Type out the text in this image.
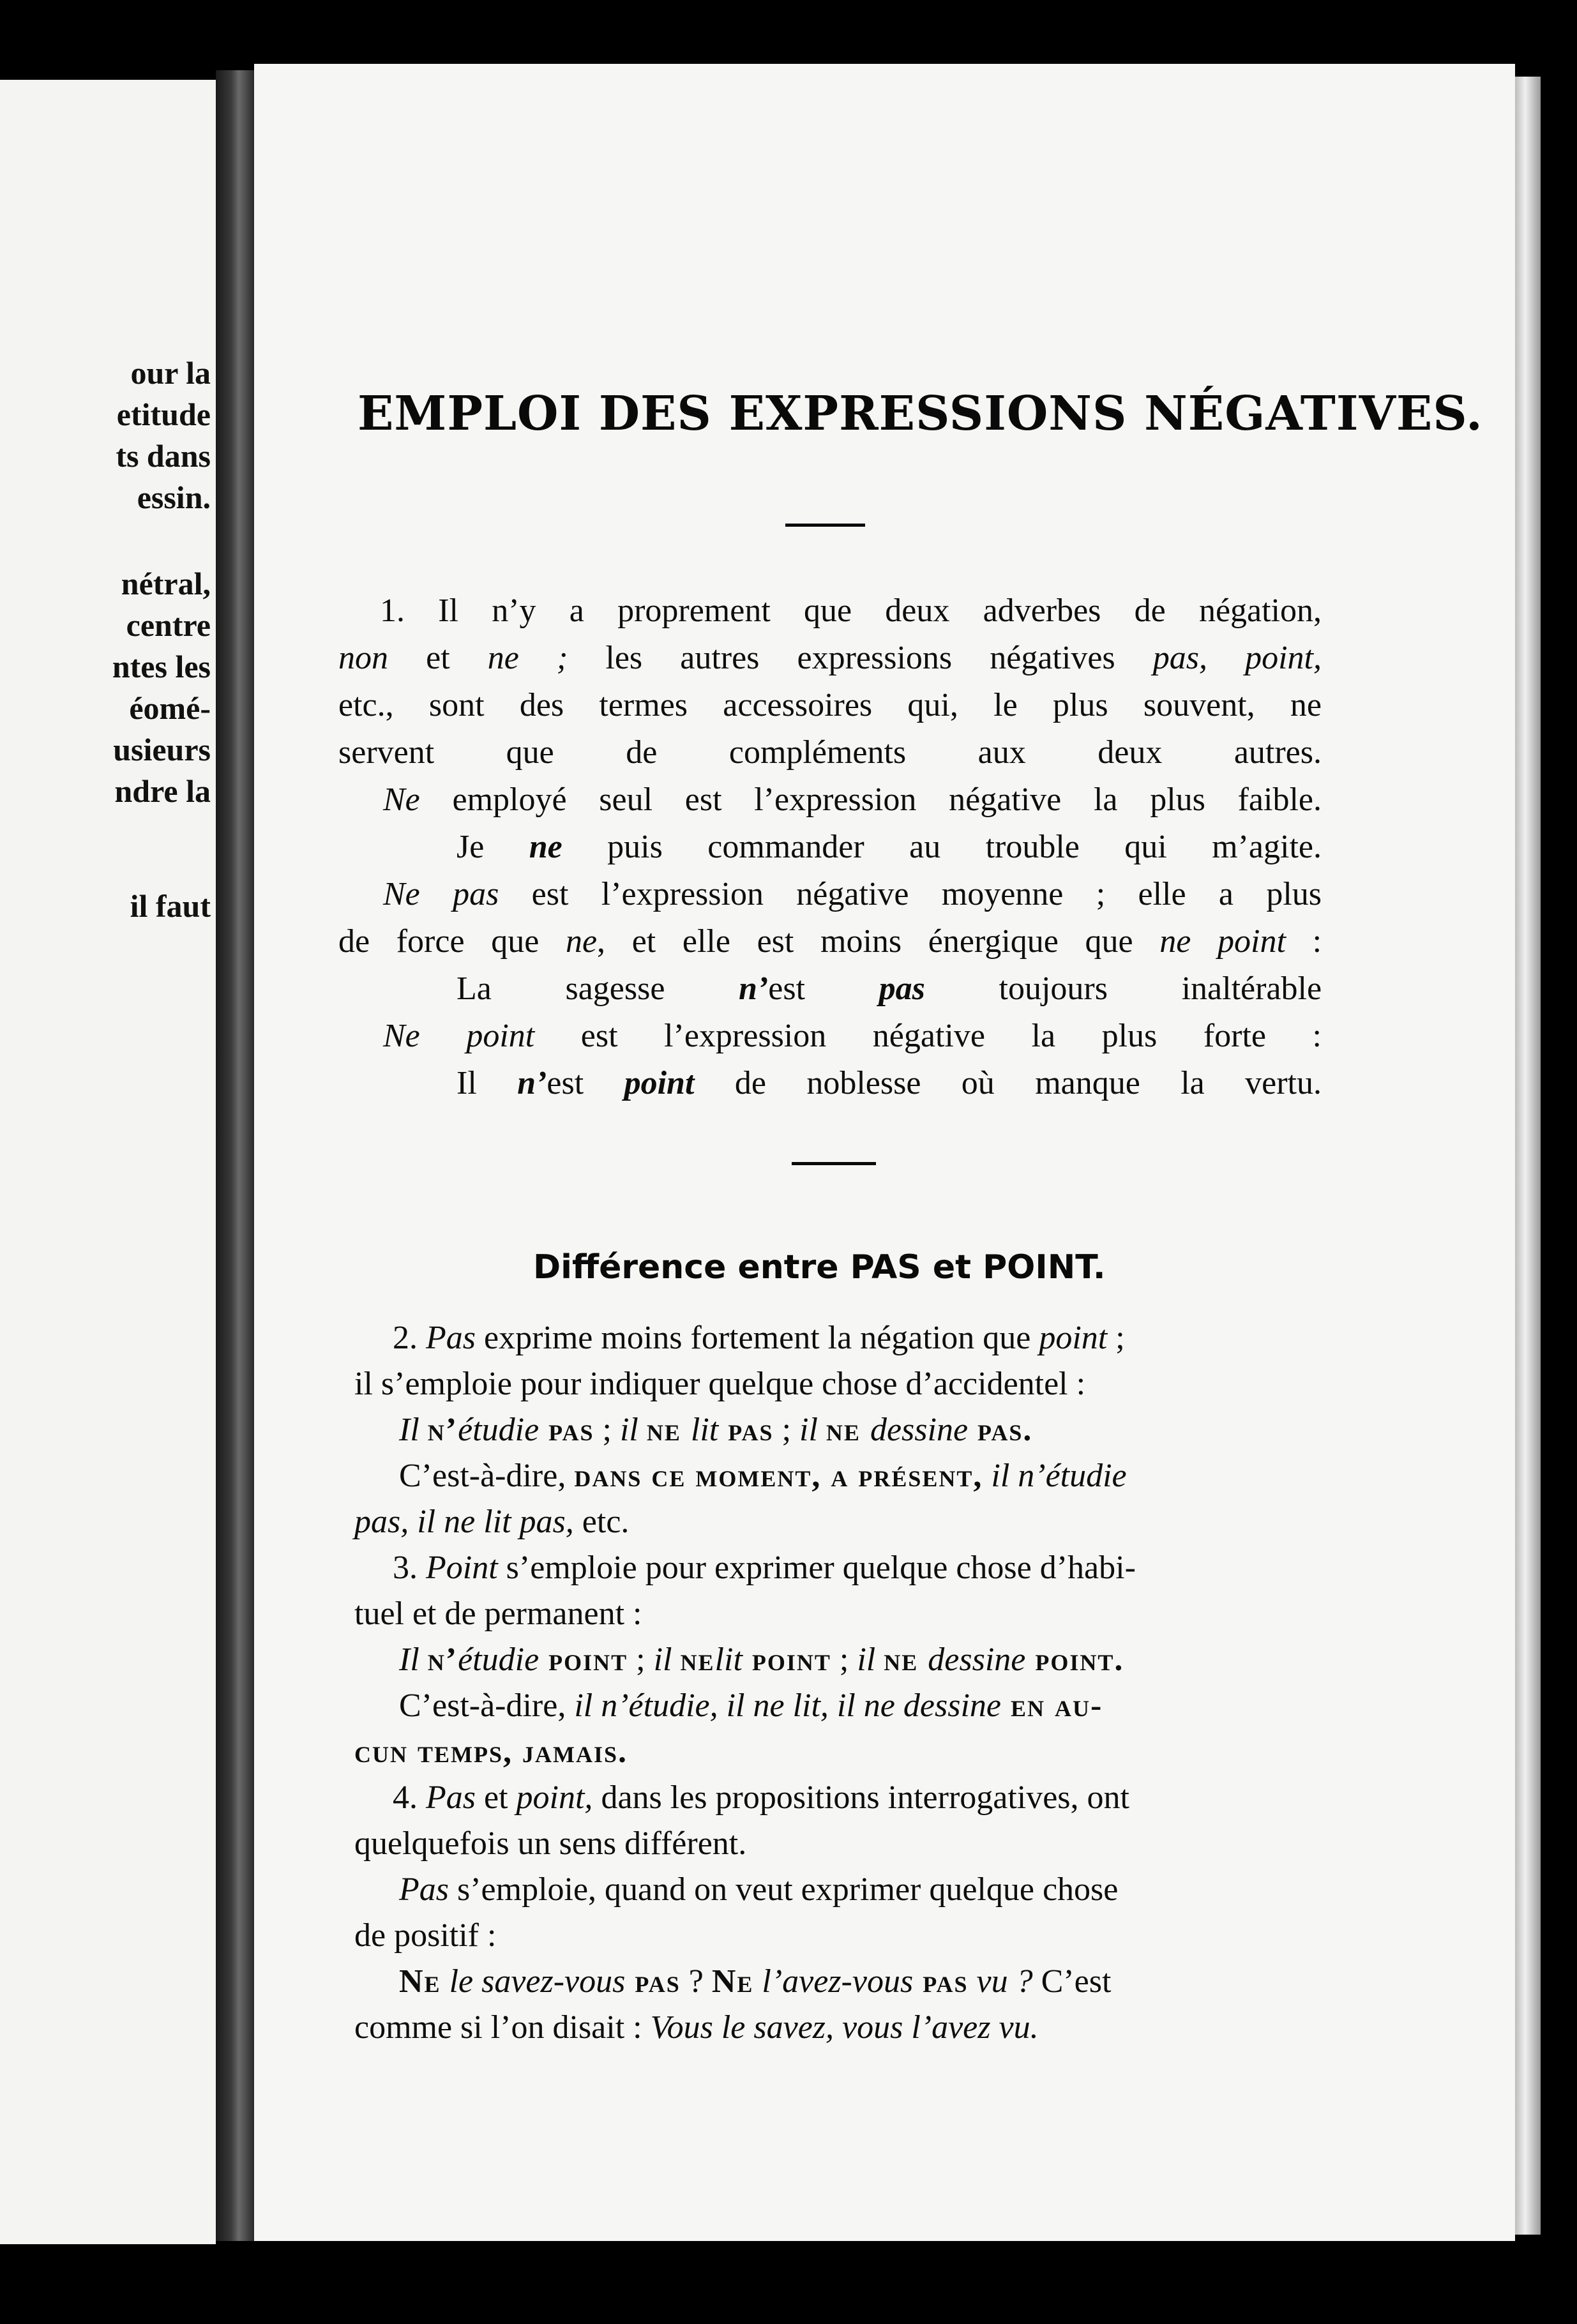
our la
etitude
ts dans
essin.
nétral,
centre
ntes les
éomé-
usieurs
ndre la
il faut
EMPLOI DES EXPRESSIONS NÉGATIVES.
1. Il n’y a proprement que deux adverbes de négation,
non et ne ; les autres expressions négatives pas, point,
etc., sont des termes accessoires qui, le plus souvent, ne
servent que de compléments aux deux autres.
Ne employé seul est l’expression négative la plus faible.
Je ne puis commander au trouble qui m’agite.
Ne pas est l’expression négative moyenne ; elle a plus
de force que ne, et elle est moins énergique que ne point :
La sagesse n’est pas toujours inaltérable
Ne point est l’expression négative la plus forte :
Il n’est point de noblesse où manque la vertu.
Différence entre PAS et POINT.
2. Pas exprime moins fortement la négation que point ;
il s’emploie pour indiquer quelque chose d’accidentel :
Il n’étudie pas ; il ne lit pas ; il ne dessine pas.
C’est-à-dire, dans ce moment, a présent, il n’étudie
pas, il ne lit pas, etc.
3. Point s’emploie pour exprimer quelque chose d’habi-
tuel et de permanent :
Il n’étudie point ; il nelit point ; il ne dessine point.
C’est-à-dire, il n’étudie, il ne lit, il ne dessine en au-
cun temps, jamais.
4. Pas et point, dans les propositions interrogatives, ont
quelquefois un sens différent.
Pas s’emploie, quand on veut exprimer quelque chose
de positif :
Ne le savez-vous pas ? Ne l’avez-vous pas vu ? C’est
comme si l’on disait : Vous le savez, vous l’avez vu.
